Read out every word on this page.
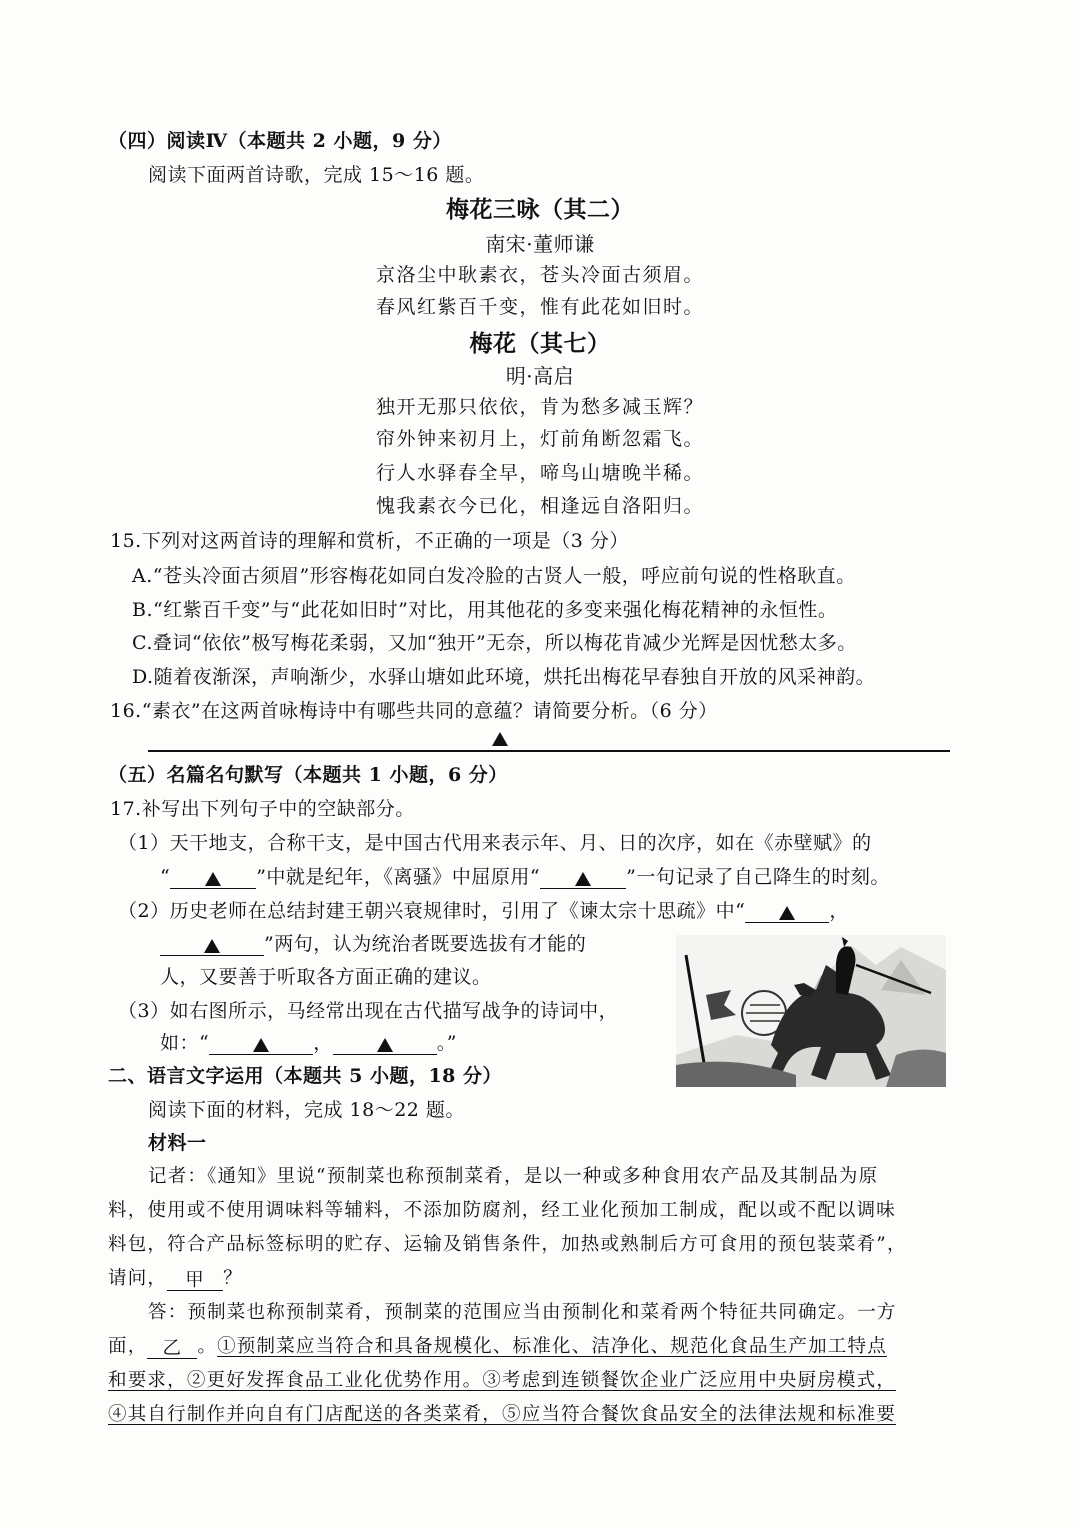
（四）阅读Ⅳ（本题共 2 小题，9 分）
阅读下面两首诗歌，完成 15～16 题。
梅花三咏（其二）
南宋·董师谦
京洛尘中耿素衣，苍头冷面古须眉。
春风红紫百千变，惟有此花如旧时。
梅花（其七）
明·高启
独开无那只依依，肯为愁多减玉辉？
帘外钟来初月上，灯前角断忽霜飞。
行人水驿春全早，啼鸟山塘晚半稀。
愧我素衣今已化，相逢远自洛阳归。
15.下列对这两首诗的理解和赏析，不正确的一项是（3 分）
A.“苍头冷面古须眉”形容梅花如同白发冷脸的古贤人一般，呼应前句说的性格耿直。
B.“红紫百千变”与“此花如旧时”对比，用其他花的多变来强化梅花精神的永恒性。
C.叠词“依依”极写梅花柔弱，又加“独开”无奈，所以梅花肯减少光辉是因忧愁太多。
D.随着夜渐深，声响渐少，水驿山塘如此环境，烘托出梅花早春独自开放的风采神韵。
16.“素衣”在这两首咏梅诗中有哪些共同的意蕴？请简要分析。（6 分）
（五）名篇名句默写（本题共 1 小题，6 分）
17.补写出下列句子中的空缺部分。
（1）天干地支，合称干支，是中国古代用来表示年、月、日的次序，如在《赤壁赋》的
“	”中就是纪年，《离骚》中屈原用“	”一句记录了自己降生的时刻。
（2）历史老师在总结封建王朝兴衰规律时，引用了《谏太宗十思疏》中“	，
”两句，认为统治者既要选拔有才能的
人，又要善于听取各方面正确的建议。
（3）如右图所示，马经常出现在古代描写战争的诗词中，
如：“	，	。”
二、语言文字运用（本题共 5 小题，18 分）
阅读下面的材料，完成 18～22 题。
材料一
记者：《通知》里说“预制菜也称预制菜肴，是以一种或多种食用农产品及其制品为原
料，使用或不使用调味料等辅料，不添加防腐剂，经工业化预加工制成，配以或不配以调味
料包，符合产品标签标明的贮存、运输及销售条件，加热或熟制后方可食用的预包装菜肴”，
请问， 甲 ？
答：预制菜也称预制菜肴，预制菜的范围应当由预制化和菜肴两个特征共同确定。一方
面， 乙 。①预制菜应当符合和具备规模化、标准化、洁净化、规范化食品生产加工特点
和要求，②更好发挥食品工业化优势作用。③考虑到连锁餐饮企业广泛应用中央厨房模式，
④其自行制作并向自有门店配送的各类菜肴，⑤应当符合餐饮食品安全的法律法规和标准要
